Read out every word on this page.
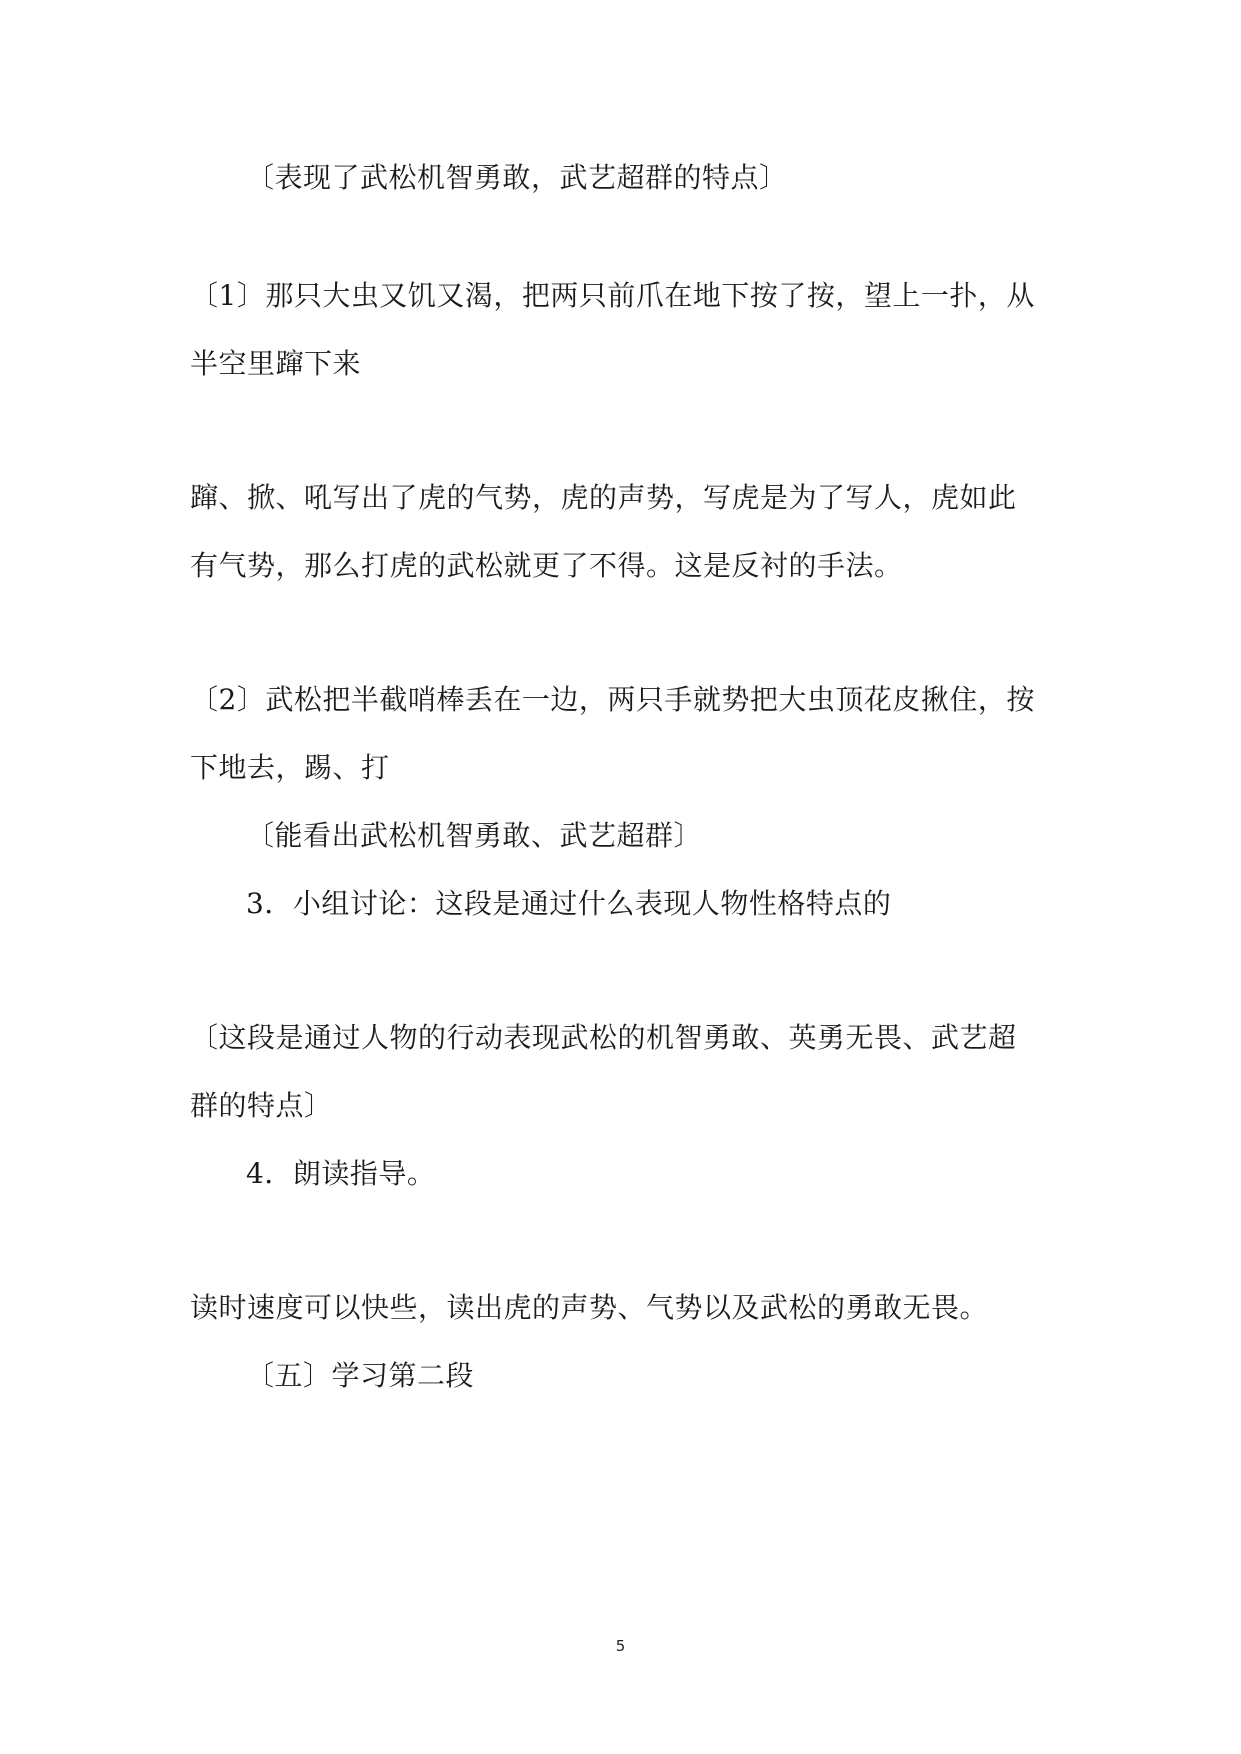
〔表现了武松机智勇敢，武艺超群的特点〕
〔1〕那只大虫又饥又渴，把两只前爪在地下按了按，望上一扑，从
半空里蹿下来
蹿、掀、吼写出了虎的气势，虎的声势，写虎是为了写人，虎如此
有气势，那么打虎的武松就更了不得。这是反衬的手法。
〔2〕武松把半截哨棒丢在一边，两只手就势把大虫顶花皮揪住，按
下地去，踢、打
〔能看出武松机智勇敢、武艺超群〕
3．小组讨论：这段是通过什么表现人物性格特点的
〔这段是通过人物的行动表现武松的机智勇敢、英勇无畏、武艺超
群的特点〕
4．朗读指导。
读时速度可以快些，读出虎的声势、气势以及武松的勇敢无畏。
〔五〕学习第二段
5
